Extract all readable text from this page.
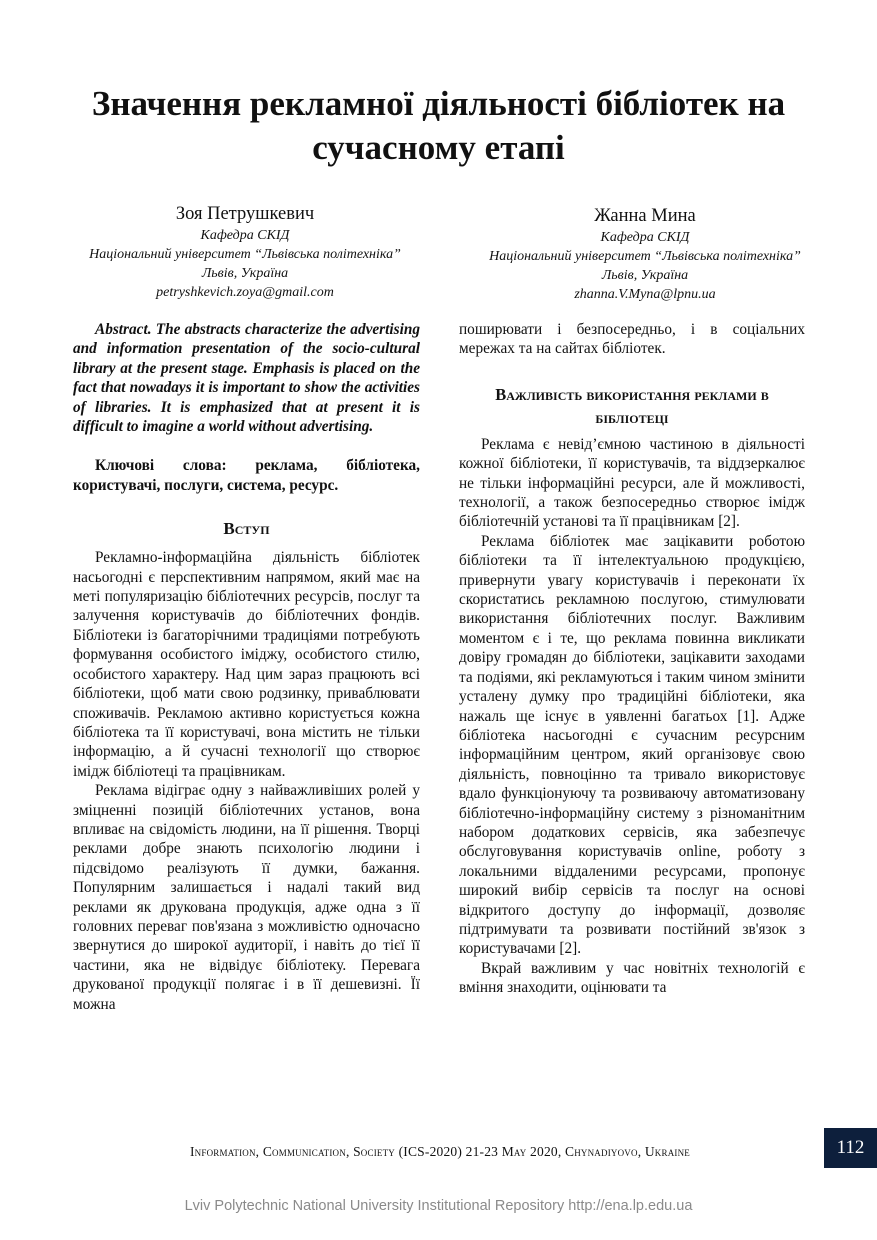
Значення рекламної діяльності бібліотек на сучасному етапі
Зоя Петрушкевич
Кафедра СКІД
Національний університет “Львівська політехніка”
Львів, Україна
petryshkevich.zoya@gmail.com
Жанна Мина
Кафедра СКІД
Національний університет “Львівська політехніка”
Львів, Україна
zhanna.V.Myna@lpnu.ua

Abstract. The abstracts characterize the advertising and information presentation of the socio-cultural library at the present stage. Emphasis is placed on the fact that nowadays it is important to show the activities of libraries. It is emphasized that at present it is difficult to imagine a world without advertising.

Ключові слова: реклама, бібліотека, користувачі, послуги, система, ресурс.

Вступ

Рекламно-інформаційна діяльність бібліотек насьогодні є перспективним напрямом, який має на меті популяризацію бібліотечних ресурсів, послуг та залучення користувачів до бібліотечних фондів. Бібліотеки із багаторічними традиціями потребують формування особистого іміджу, особистого стилю, особистого характеру. Над цим зараз працюють всі бібліотеки, щоб мати свою родзинку, приваблювати споживачів. Рекламою активно користується кожна бібліотека та її користувачі, вона містить не тільки інформацію, а й сучасні технології що створює імідж бібліотеці та працівникам.

Реклама відіграє одну з найважливіших ролей у зміцненні позицій бібліотечних установ, вона впливає на свідомість людини, на її рішення. Творці реклами добре знають психологію людини і підсвідомо реалізують її думки, бажання. Популярним залишається і надалі такий вид реклами як друкована продукція, адже одна з її головних переваг пов'язана з можливістю одночасно звернутися до широкої аудиторії, і навіть до тієї її частини, яка не відвідує бібліотеку. Перевага друкованої продукції полягає і в її дешевизні. Її можна

поширювати і безпосередньо, і в соціальних мережах та на сайтах бібліотек.

Важливість використання реклами в бібліотеці

Реклама є невід’ємною частиною в діяльності кожної бібліотеки, її користувачів, та віддзеркалює не тільки інформаційні ресурси, але й можливості, технології, а також безпосередньо створює імідж бібліотечній установі та її працівникам [2].

Реклама бібліотек має зацікавити роботою бібліотеки та її інтелектуальною продукцією, привернути увагу користувачів і переконати їх скористатись рекламною послугою, стимулювати використання бібліотечних послуг. Важливим моментом є і те, що реклама повинна викликати довіру громадян до бібліотеки, зацікавити заходами та подіями, які рекламуються і таким чином змінити усталену думку про традиційні бібліотеки, яка нажаль ще існує в уявленні багатьох [1]. Адже бібліотека насьогодні є сучасним ресурсним інформаційним центром, який організовує свою діяльність, повноцінно та тривало використовує вдало функціонуючу та розвиваючу автоматизовану бібліотечно-інформаційну систему з різноманітним набором додаткових сервісів, яка забезпечує обслуговування користувачів online, роботу з локальними віддаленими ресурсами, пропонує широкий вибір сервісів та послуг на основі відкритого доступу до інформації, дозволяє підтримувати та розвивати постійний зв'язок з користувачами [2].

Вкрай важливим у час новітніх технологій є вміння знаходити, оцінювати та

Information, Communication, Society (ICS-2020) 21-23 May 2020, Chynadiyovo, Ukraine	112
Lviv Polytechnic National University Institutional Repository http://ena.lp.edu.ua
